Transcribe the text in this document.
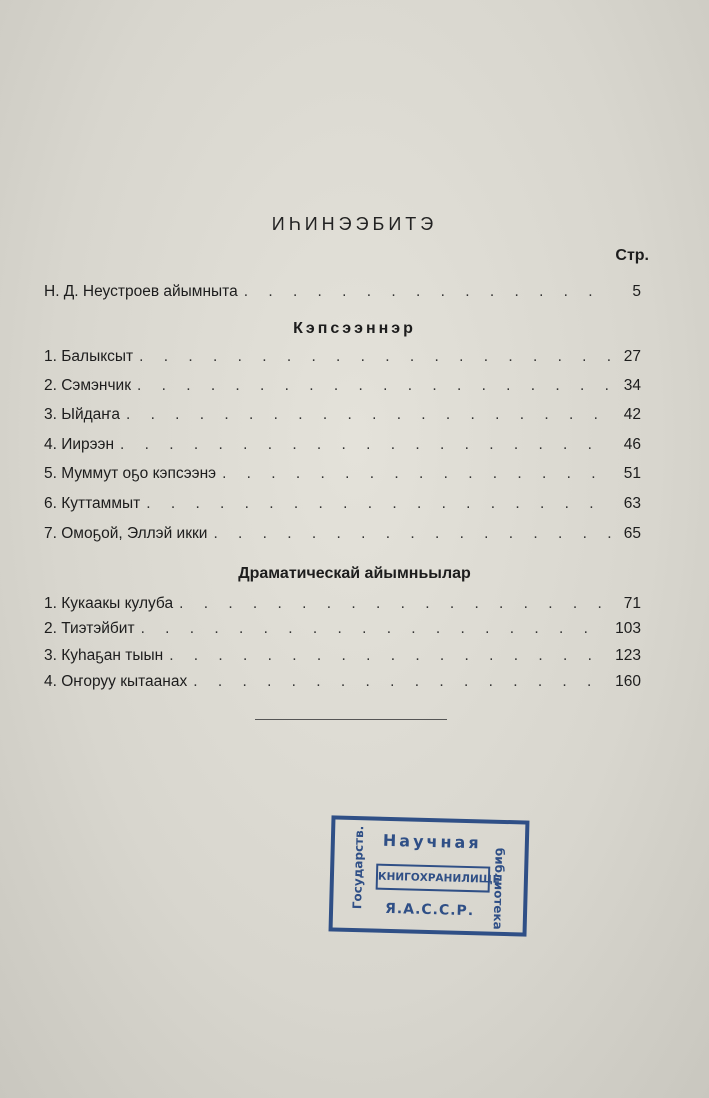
ИҺИНЭЭБИТЭ
Стр.
Н. Д. Неустроев айымныта . . .	5
Кэпсээннэр
1. Балыксыт . . .	27
2. Сэмэнчик . . .	34
3. Ыйдаҥа . . .	42
4. Иирээн . . .	46
5. Муммут оҕо кэпсээнэ . . .	51
6. Куттаммыт . . .	63
7. Омоҕой, Эллэй икки . . .	65
Драматическай айымньылар
1. Кукаакы кулуба . . .	71
2. Тиэтэйбит . . .	103
3. Куһаҕан тыын . . .	123
4. Оҥоруу кытаанах . . .	160
Государств. Научная
КНИГОХРАНИЛИЩЕ
Я.А.С.С.Р. библиотека
